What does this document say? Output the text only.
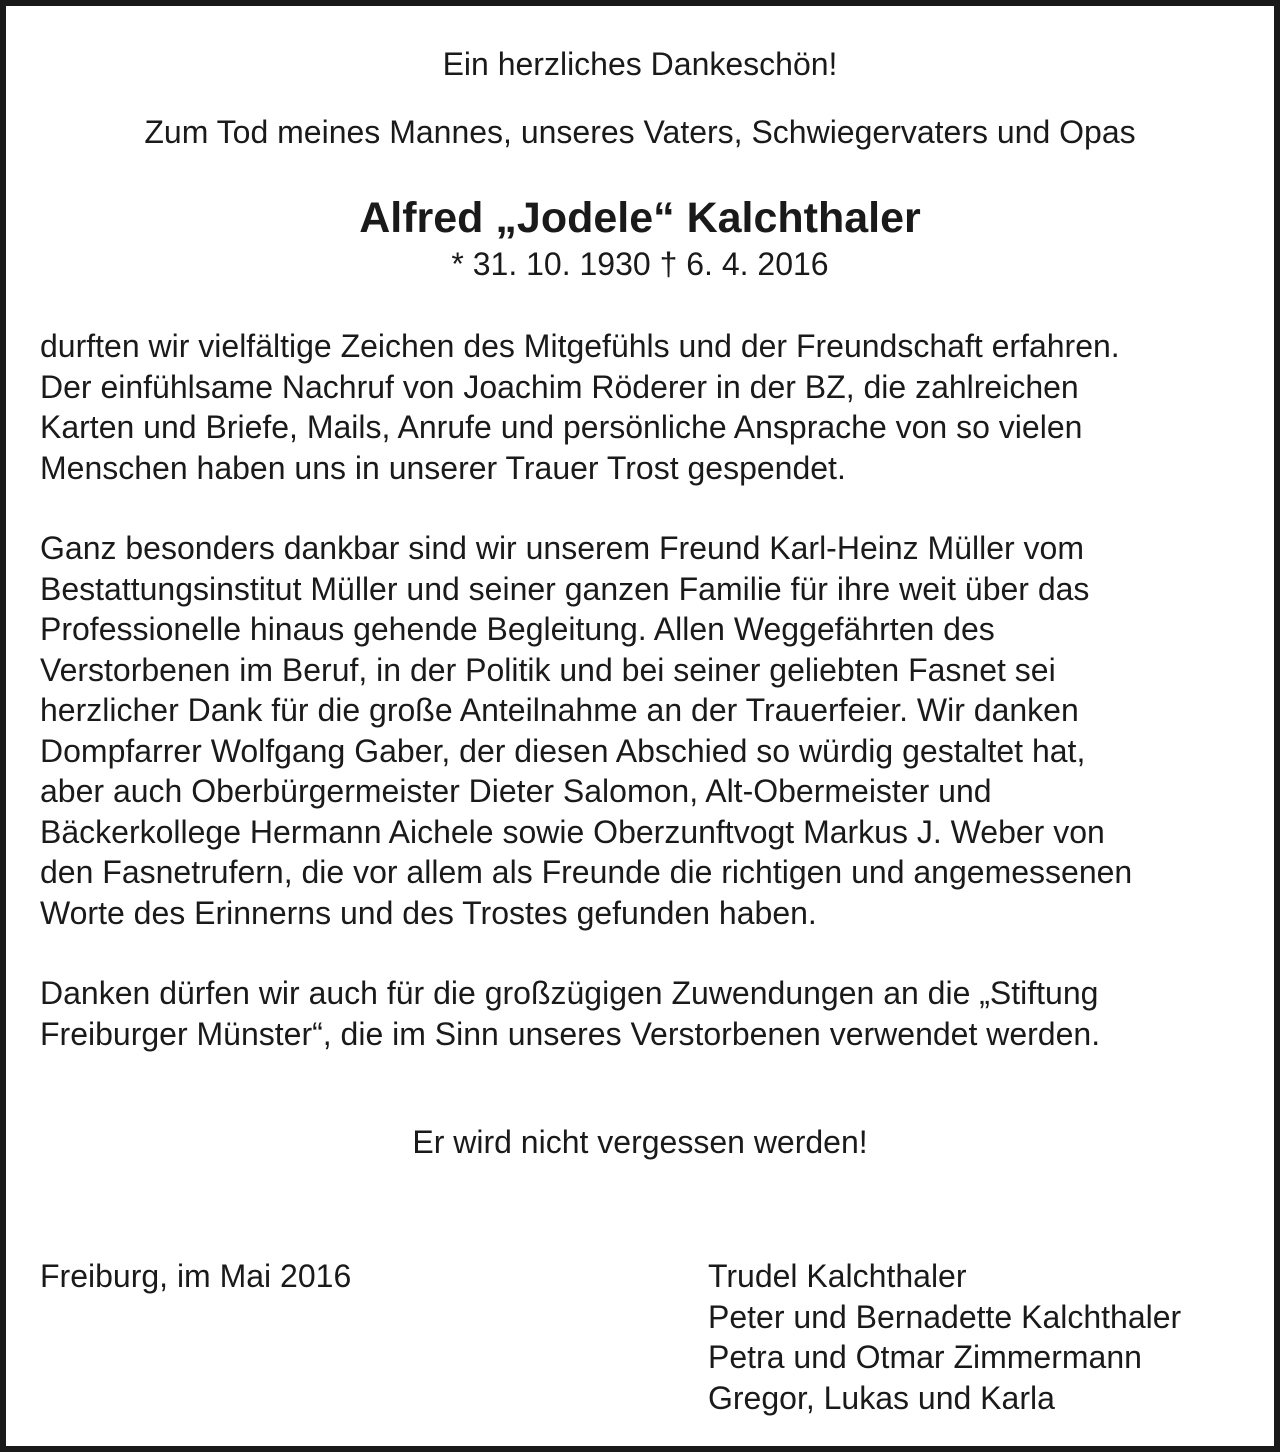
Ein herzliches Dankeschön!

Zum Tod meines Mannes, unseres Vaters, Schwiegervaters und Opas

Alfred „Jodele“ Kalchthaler

* 31. 10. 1930 † 6. 4. 2016

durften wir vielfältige Zeichen des Mitgefühls und der Freundschaft erfahren.
Der einfühlsame Nachruf von Joachim Röderer in der BZ, die zahlreichen
Karten und Briefe, Mails, Anrufe und persönliche Ansprache von so vielen
Menschen haben uns in unserer Trauer Trost gespendet.
Ganz besonders dankbar sind wir unserem Freund Karl-Heinz Müller vom
Bestattungsinstitut Müller und seiner ganzen Familie für ihre weit über das
Professionelle hinaus gehende Begleitung. Allen Weggefährten des
Verstorbenen im Beruf, in der Politik und bei seiner geliebten Fasnet sei
herzlicher Dank für die große Anteilnahme an der Trauerfeier. Wir danken
Dompfarrer Wolfgang Gaber, der diesen Abschied so würdig gestaltet hat,
aber auch Oberbürgermeister Dieter Salomon, Alt-Obermeister und
Bäckerkollege Hermann Aichele sowie Oberzunftvogt Markus J. Weber von
den Fasnetrufern, die vor allem als Freunde die richtigen und angemessenen
Worte des Erinnerns und des Trostes gefunden haben.
Danken dürfen wir auch für die großzügigen Zuwendungen an die „Stiftung
Freiburger Münster“, die im Sinn unseres Verstorbenen verwendet werden.

Er wird nicht vergessen werden!

Freiburg, im Mai 2016	Trudel Kalchthaler
Peter und Bernadette Kalchthaler
Petra und Otmar Zimmermann
Gregor, Lukas und Karla
